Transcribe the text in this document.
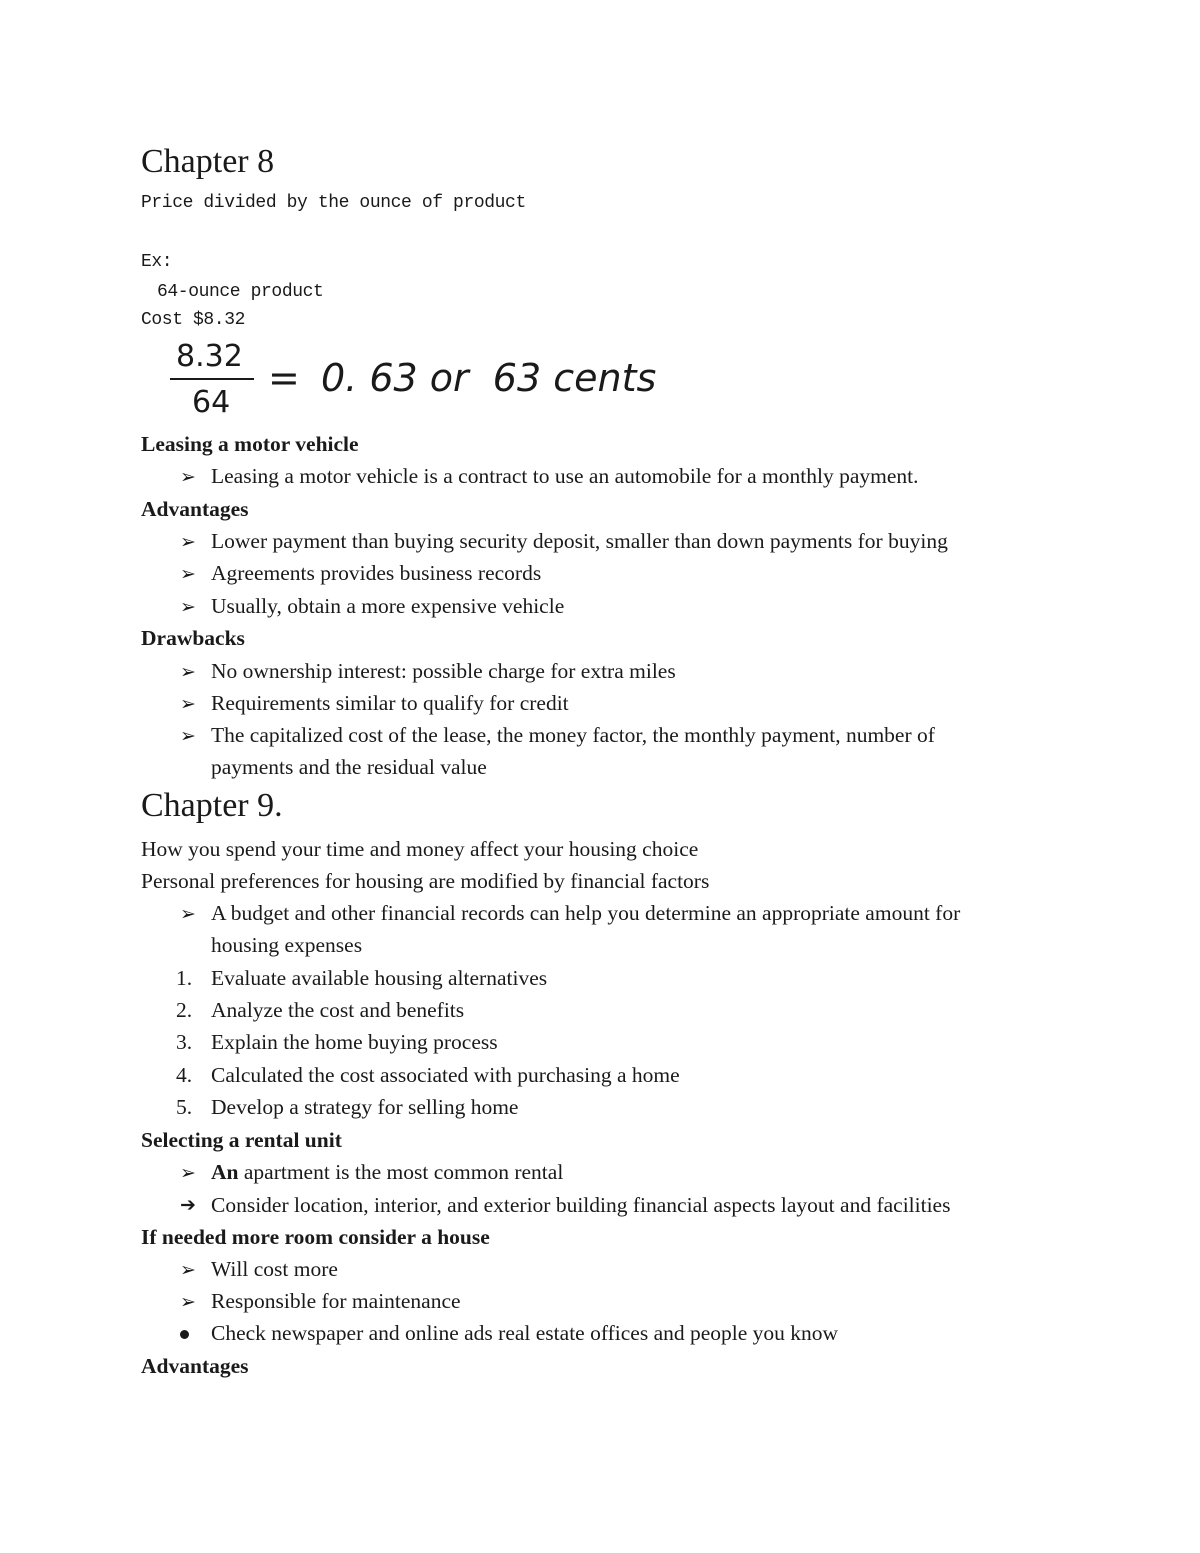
Chapter 8
Price divided by the ounce of product
Ex:
64-ounce product
Cost $8.32
8.32
64
= 0. 63 or  63 cents
Leasing a motor vehicle
➢ Leasing a motor vehicle is a contract to use an automobile for a monthly payment.
Advantages
➢ Lower payment than buying security deposit, smaller than down payments for buying
➢ Agreements provides business records
➢ Usually, obtain a more expensive vehicle
Drawbacks
➢ No ownership interest: possible charge for extra miles
➢ Requirements similar to qualify for credit
➢ The capitalized cost of the lease, the money factor, the monthly payment, number of
payments and the residual value
Chapter 9.
How you spend your time and money affect your housing choice
Personal preferences for housing are modified by financial factors
➢ A budget and other financial records can help you determine an appropriate amount for
housing expenses
1. Evaluate available housing alternatives
2. Analyze the cost and benefits
3. Explain the home buying process
4. Calculated the cost associated with purchasing a home
5. Develop a strategy for selling home
Selecting a rental unit
➢ An apartment is the most common rental
➔ Consider location, interior, and exterior building financial aspects layout and facilities
If needed more room consider a house
➢ Will cost more
➢ Responsible for maintenance
Check newspaper and online ads real estate offices and people you know
Advantages
